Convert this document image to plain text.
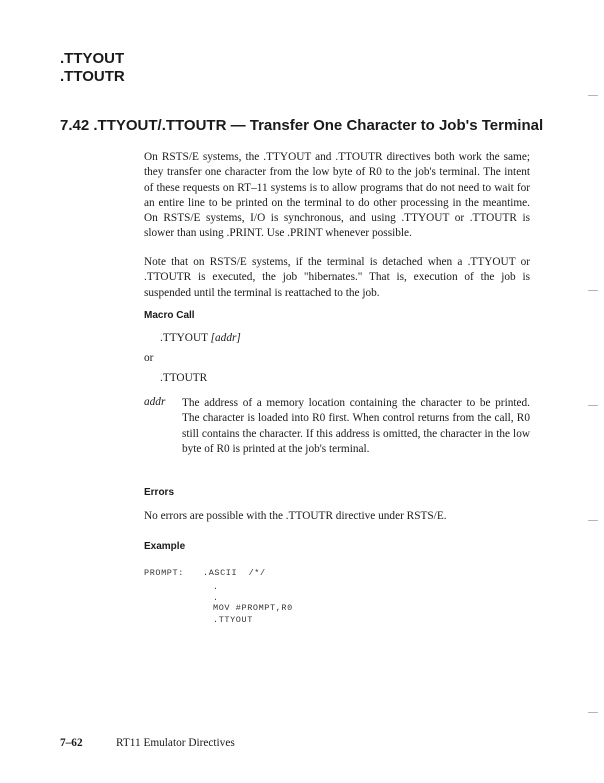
.TTYOUT
.TTOUTR
7.42 .TTYOUT/.TTOUTR — Transfer One Character to Job's Terminal

On RSTS/E systems, the .TTYOUT and .TTOUTR directives both work the same; they transfer one character from the low byte of R0 to the job's terminal. The intent of these requests on RT–11 systems is to allow programs that do not need to wait for an entire line to be printed on the terminal to do other processing in the meantime. On RSTS/E systems, I/O is synchronous, and using .TTYOUT or .TTOUTR is slower than using .PRINT. Use .PRINT whenever possible.

Note that on RSTS/E systems, if the terminal is detached when a .TTYOUT or .TTOUTR is executed, the job "hibernates." That is, execution of the job is suspended until the terminal is reattached to the job.

Macro Call
.TTYOUT [addr]
or
.TTOUTR
addr The address of a memory location containing the character to be printed. The character is loaded into R0 first. When control returns from the call, R0 still contains the character. If this address is omitted, the character in the low byte of R0 is printed at the job's terminal.

Errors
No errors are possible with the .TTOUTR directive under RSTS/E.
Example
PROMPT: .ASCII  /*/
.
.
MOV #PROMPT,R0
.TTYOUT
7–62	RT11 Emulator Directives
